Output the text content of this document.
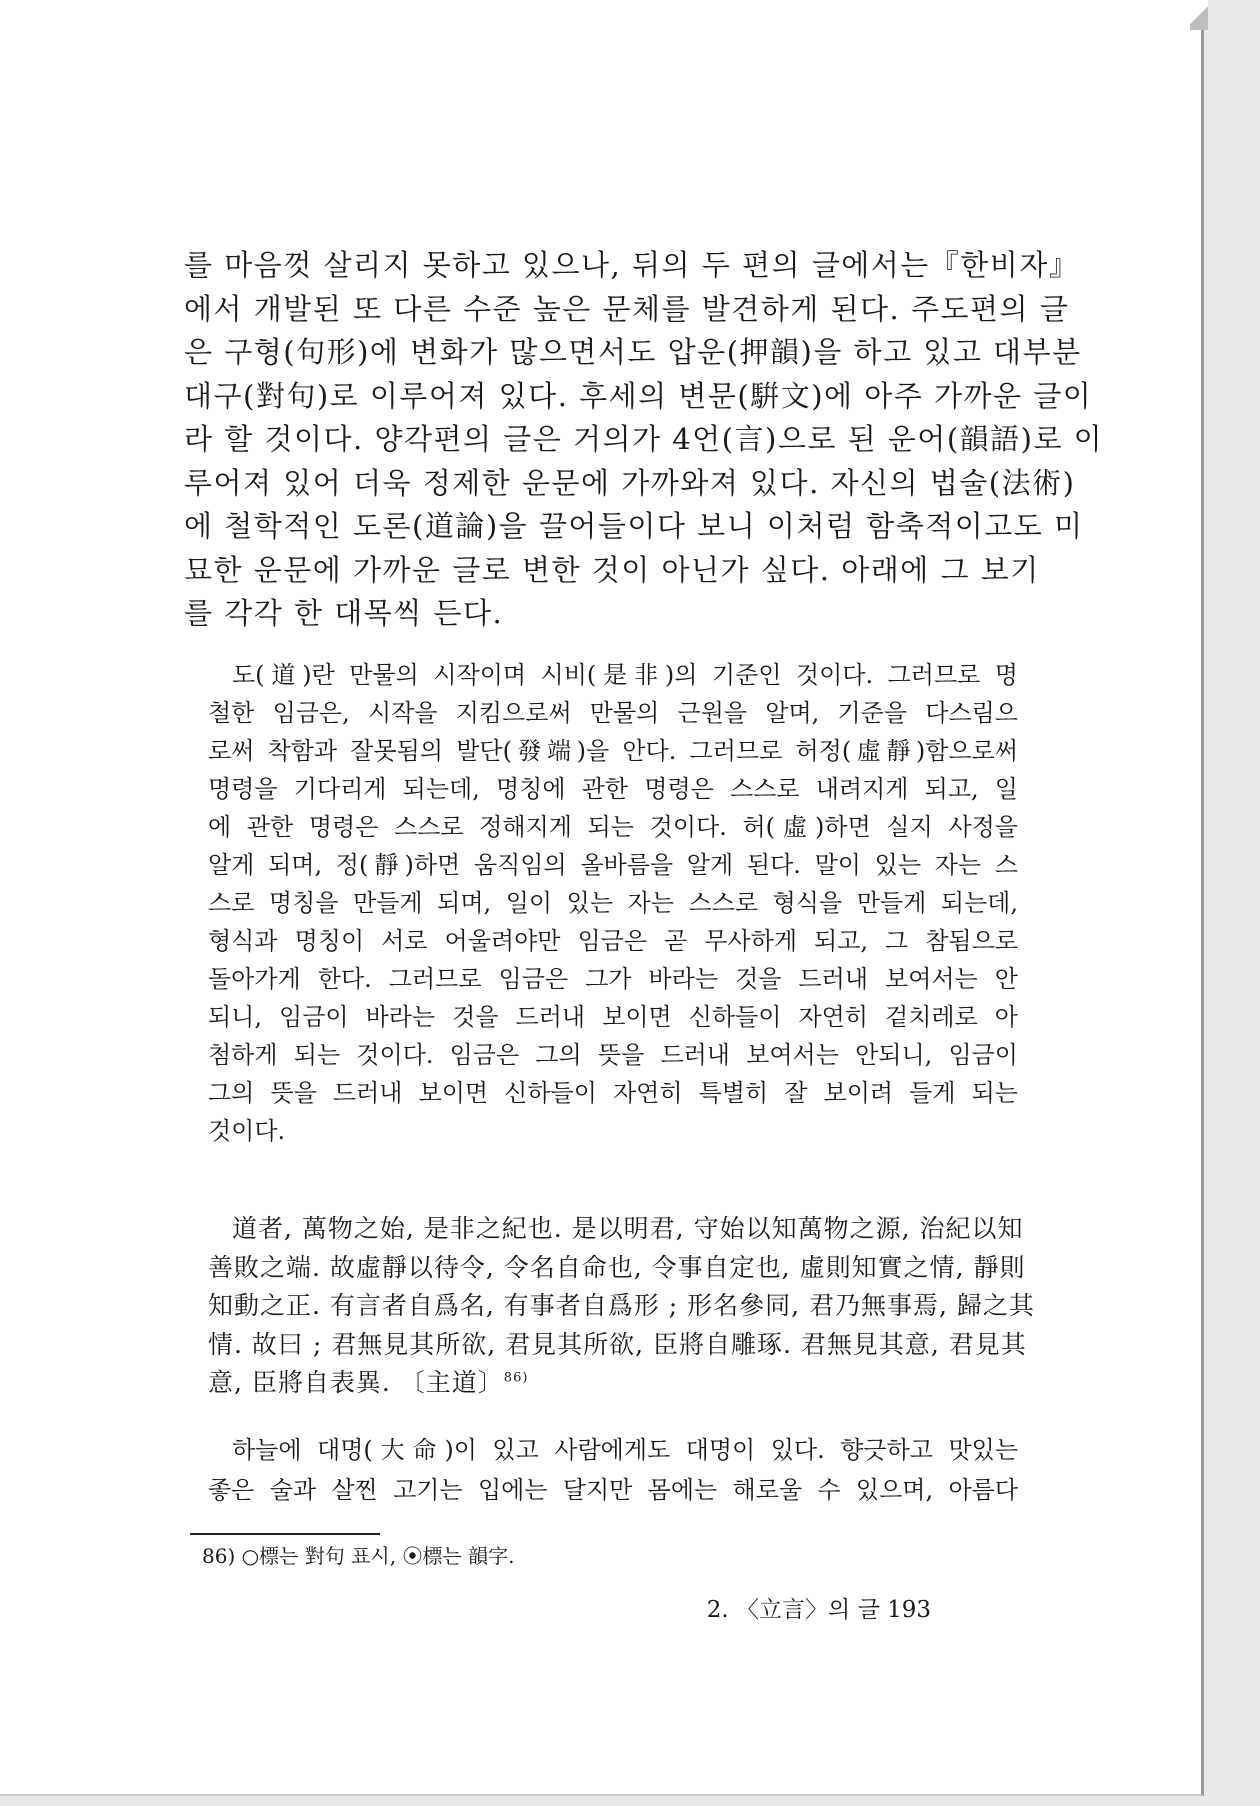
를 마음껏 살리지 못하고 있으나, 뒤의 두 편의 글에서는『한비자』
에서 개발된 또 다른 수준 높은 문체를 발견하게 된다. 주도편의 글
은 구형(句形)에 변화가 많으면서도 압운(押韻)을 하고 있고 대부분
대구(對句)로 이루어져 있다. 후세의 변문(騈文)에 아주 가까운 글이
라 할 것이다. 양각편의 글은 거의가 4언(言)으로 된 운어(韻語)로 이
루어져 있어 더욱 정제한 운문에 가까와져 있다. 자신의 법술(法術)
에 철학적인 도론(道論)을 끌어들이다 보니 이처럼 함축적이고도 미
묘한 운문에 가까운 글로 변한 것이 아닌가 싶다. 아래에 그 보기
를 각각 한 대목씩 든다.
도(道)란 만물의 시작이며 시비(是非)의 기준인 것이다. 그러므로 명
철한 임금은, 시작을 지킴으로써 만물의 근원을 알며, 기준을 다스림으
로써 착함과 잘못됨의 발단(發端)을 안다. 그러므로 허정(虛靜)함으로써
명령을 기다리게 되는데, 명칭에 관한 명령은 스스로 내려지게 되고, 일
에 관한 명령은 스스로 정해지게 되는 것이다. 허(虛)하면 실지 사정을
알게 되며, 정(靜)하면 움직임의 올바름을 알게 된다. 말이 있는 자는 스
스로 명칭을 만들게 되며, 일이 있는 자는 스스로 형식을 만들게 되는데,
형식과 명칭이 서로 어울려야만 임금은 곧 무사하게 되고, 그 참됨으로
돌아가게 한다. 그러므로 임금은 그가 바라는 것을 드러내 보여서는 안
되니, 임금이 바라는 것을 드러내 보이면 신하들이 자연히 겉치레로 아
첨하게 되는 것이다. 임금은 그의 뜻을 드러내 보여서는 안되니, 임금이
그의 뜻을 드러내 보이면 신하들이 자연히 특별히 잘 보이려 들게 되는
것이다.
道者, 萬物之始, 是非之紀也. 是以明君, 守始以知萬物之源, 治紀以知
善敗之端. 故虛靜以待令, 令名自命也, 令事自定也, 虛則知實之情, 靜則
知動之正. 有言者自爲名, 有事者自爲形 ; 形名參同, 君乃無事焉, 歸之其
情. 故曰 ; 君無見其所欲, 君見其所欲, 臣將自雕琢. 君無見其意, 君見其
意, 臣將自表異. 〔主道〕$^{86)}$
하늘에 대명(大命)이 있고 사람에게도 대명이 있다. 향긋하고 맛있는
좋은 술과 살찐 고기는 입에는 달지만 몸에는 해로울 수 있으며, 아름다
86) ○標는 對句 표시, ⦿標는 韻字.
2. 〈立言〉의 글 193
